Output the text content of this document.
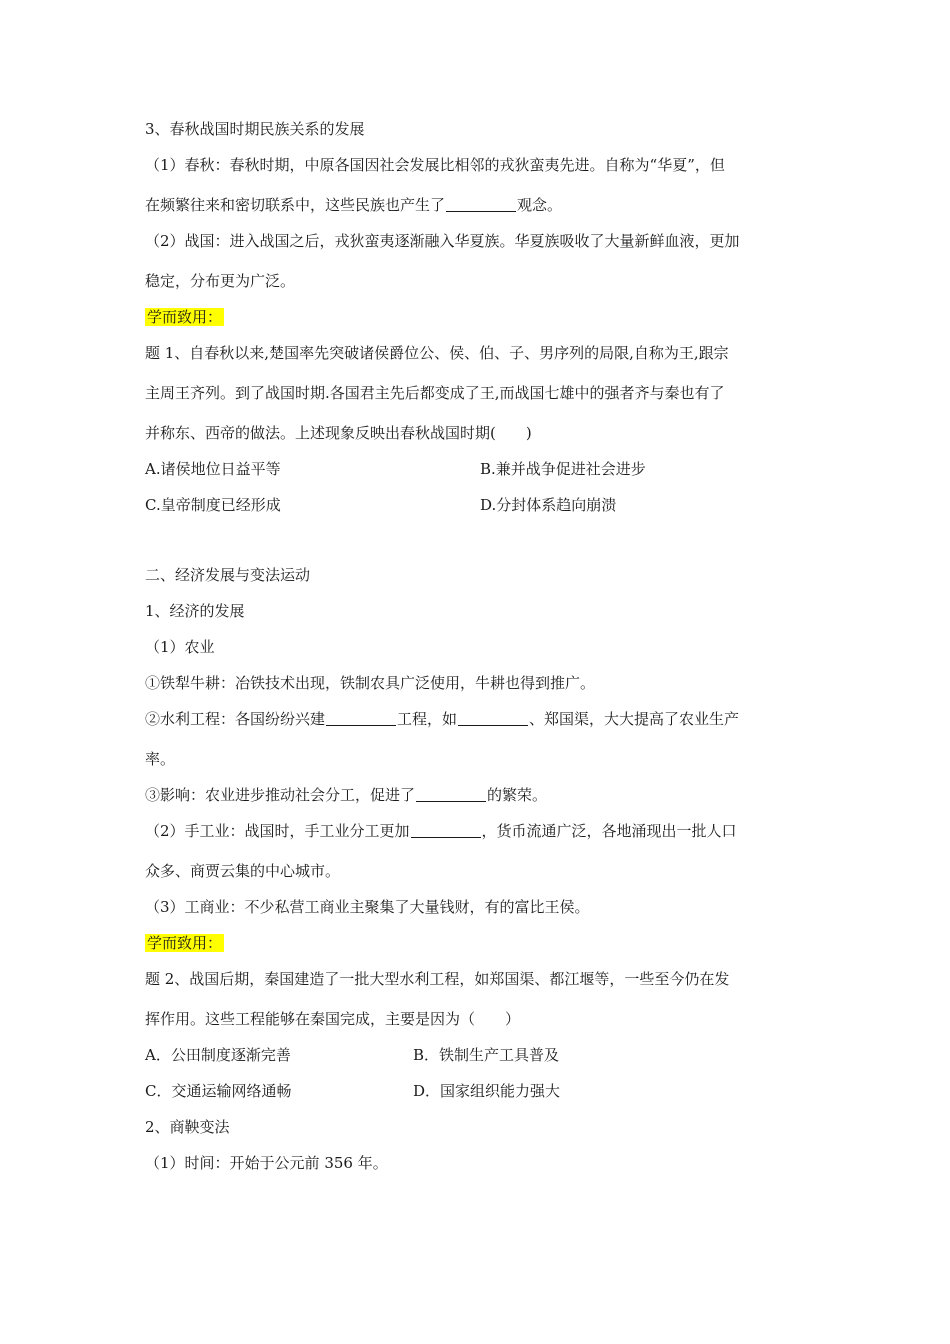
3、春秋战国时期民族关系的发展

（1）春秋：春秋时期，中原各国因社会发展比相邻的戎狄蛮夷先进。自称为“华夏”，但

在频繁往来和密切联系中，这些民族也产生了	观念。

（2）战国：进入战国之后，戎狄蛮夷逐渐融入华夏族。华夏族吸收了大量新鲜血液，更加

稳定，分布更为广泛。

学而致用：

题 1、自春秋以来,楚国率先突破诸侯爵位公、侯、伯、子、男序列的局限,自称为王,跟宗

主周王齐列。到了战国时期.各国君主先后都变成了王,而战国七雄中的强者齐与秦也有了

并称东、西帝的做法。上述现象反映出春秋战国时期(　　)

A.诸侯地位日益平等	B.兼并战争促进社会进步
C.皇帝制度已经形成	D.分封体系趋向崩溃

二、经济发展与变法运动

1、经济的发展

（1）农业

①铁犁牛耕：冶铁技术出现，铁制农具广泛使用，牛耕也得到推广。

②水利工程：各国纷纷兴建	工程，如	、郑国渠，大大提高了农业生产

率。

③影响：农业进步推动社会分工，促进了	的繁荣。

（2）手工业：战国时，手工业分工更加	，货币流通广泛，各地涌现出一批人口

众多、商贾云集的中心城市。

（3）工商业：不少私营工商业主聚集了大量钱财，有的富比王侯。

学而致用：

题 2、战国后期，秦国建造了一批大型水利工程，如郑国渠、都江堰等，一些至今仍在发

挥作用。这些工程能够在秦国完成，主要是因为（　　）

A．公田制度逐渐完善	B．铁制生产工具普及
C．交通运输网络通畅	D．国家组织能力强大

2、商鞅变法

（1）时间：开始于公元前 356 年。
